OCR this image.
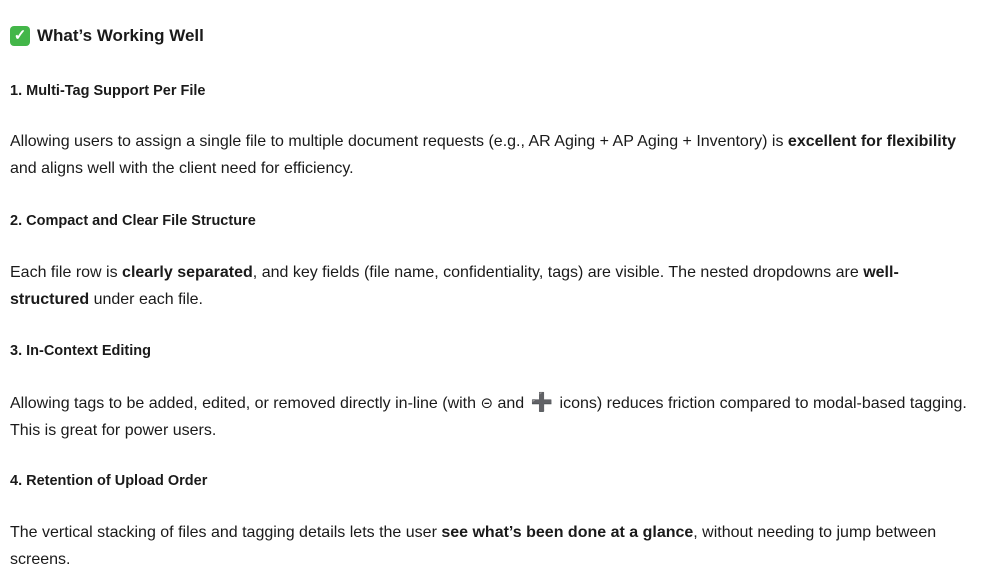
✓ What’s Working Well
1. Multi-Tag Support Per File

Allowing users to assign a single file to multiple document requests (e.g., AR Aging + AP Aging + Inventory) is excellent for flexibility and aligns well with the client need for efficiency.

2. Compact and Clear File Structure

Each file row is clearly separated, and key fields (file name, confidentiality, tags) are visible. The nested dropdowns are well-structured under each file.

3. In-Context Editing

Allowing tags to be added, edited, or removed directly in-line (with ⊝ and ➕ icons) reduces friction compared to modal-based tagging. This is great for power users.

4. Retention of Upload Order

The vertical stacking of files and tagging details lets the user see what’s been done at a glance, without needing to jump between screens.
